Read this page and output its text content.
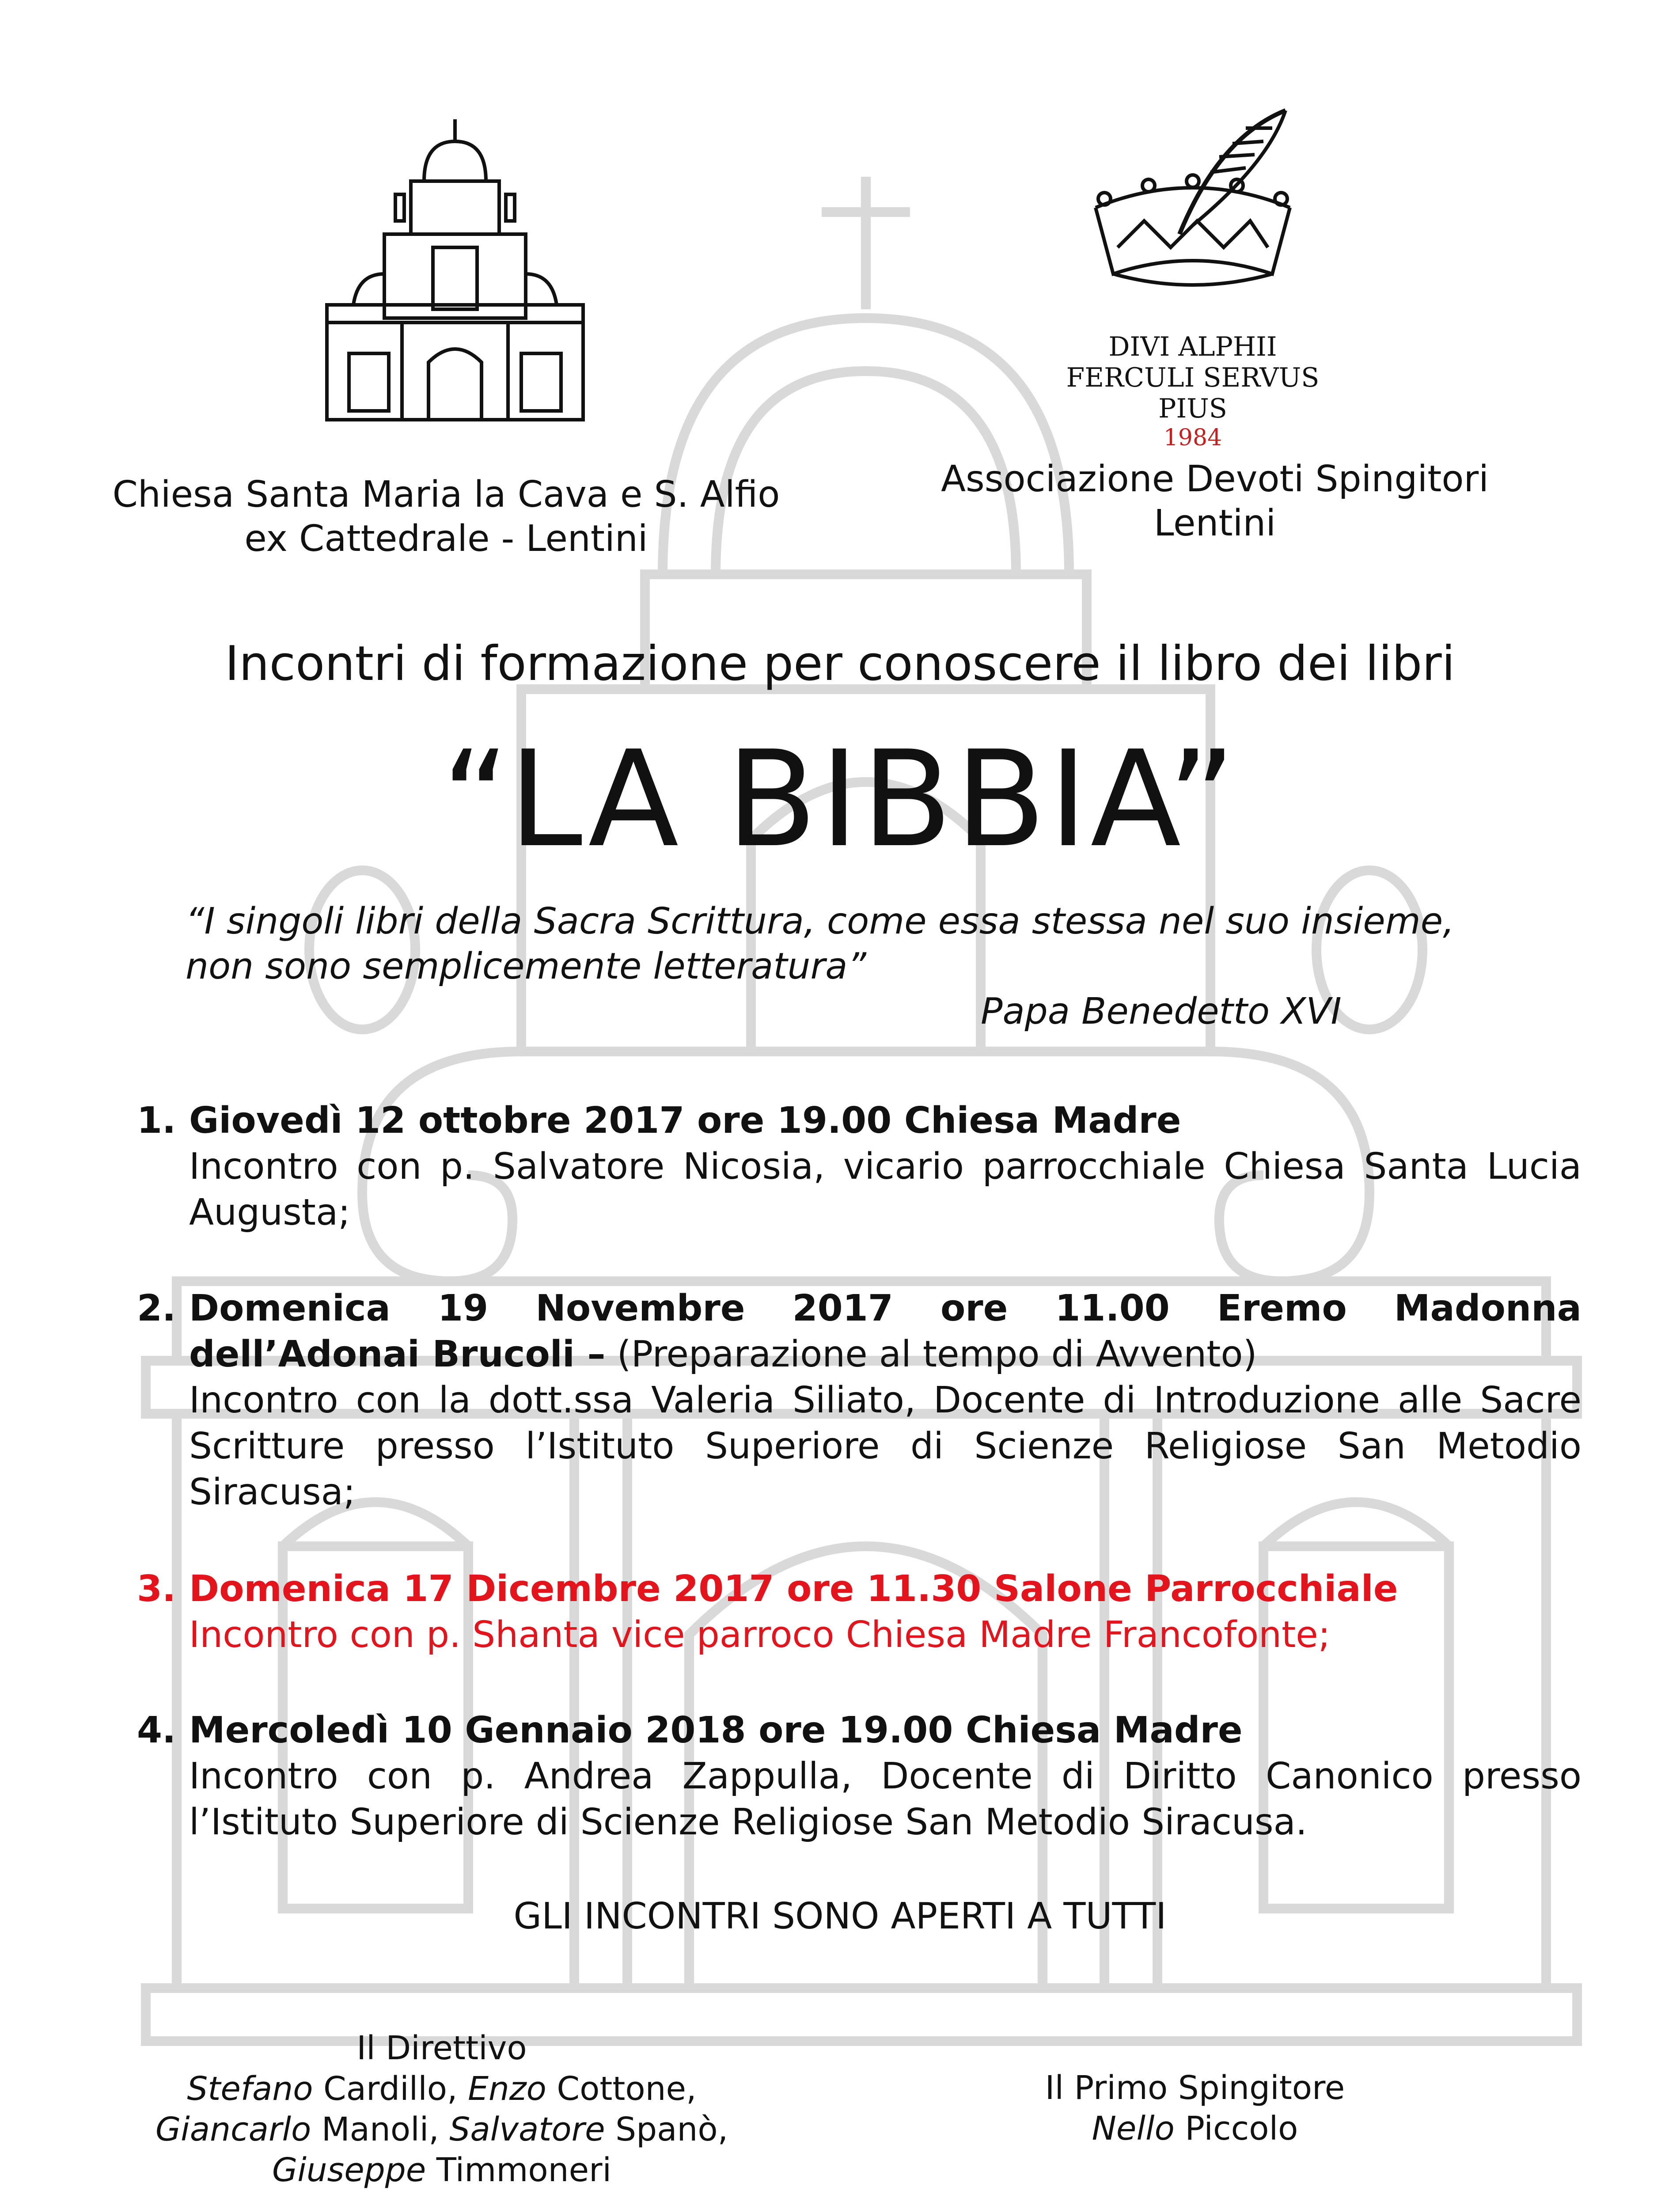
DIVI ALPHII
FERCULI SERVUS PIUS
1984
Chiesa Santa Maria la Cava e S. Alfio
ex Cattedrale - Lentini
Associazione Devoti Spingitori
Lentini
Incontri di formazione per conoscere il libro dei libri
“LA BIBBIA”
“I singoli libri della Sacra Scrittura, come essa stessa nel suo insieme,
non sono semplicemente letteratura”
Papa Benedetto XVI
1. Giovedì 12 ottobre 2017 ore 19.00 Chiesa Madre
Incontro con p. Salvatore Nicosia, vicario parrocchiale Chiesa Santa Lucia Augusta;
2. Domenica 19 Novembre 2017 ore 11.00 Eremo Madonna dell’Adonai Brucoli – (Preparazione al tempo di Avvento)
Incontro con la dott.ssa Valeria Siliato, Docente di Introduzione alle Sacre Scritture presso l’Istituto Superiore di Scienze Religiose San Metodio Siracusa;
3. Domenica 17 Dicembre 2017 ore 11.30 Salone Parrocchiale
Incontro con p. Shanta vice parroco Chiesa Madre Francofonte;
4. Mercoledì 10 Gennaio 2018 ore 19.00 Chiesa Madre
Incontro con p. Andrea Zappulla, Docente di Diritto Canonico presso l’Istituto Superiore di Scienze Religiose San Metodio Siracusa.
GLI INCONTRI SONO APERTI A TUTTI
Il Direttivo
Stefano Cardillo, Enzo Cottone,
Giancarlo Manoli, Salvatore Spanò,
Giuseppe Timmoneri
Il Primo Spingitore
Nello Piccolo
